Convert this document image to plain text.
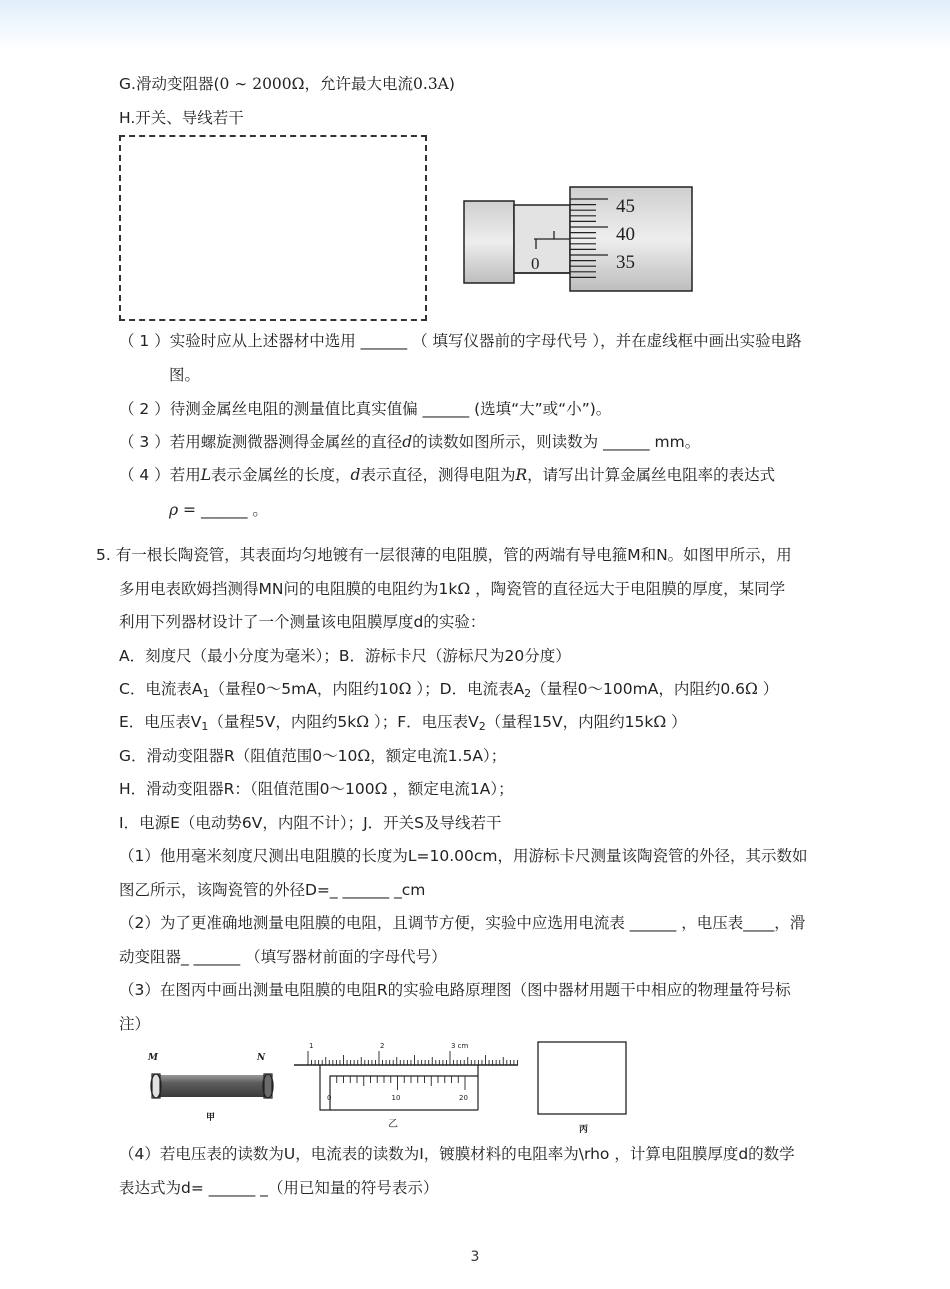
G.滑动变阻器(0 ∼ 2000Ω，允许最大电流0.3A)
H.开关、导线若干
0
45
40
35
（ 1 ）实验时应从上述器材中选用 ______ （ 填写仪器前的字母代号 ），并在虚线框中画出实验电路
图。
（ 2 ）待测金属丝电阻的测量值比真实值偏 ______ (选填“大”或“小”)。
（ 3 ）若用螺旋测微器测得金属丝的直径d的读数如图所示，则读数为 ______ mm。
（ 4 ）若用L表示金属丝的长度，d表示直径，测得电阻为R，请写出计算金属丝电阻率的表达式
ρ = ______ 。
5. 有一根长陶瓷管，其表面均匀地镀有一层很薄的电阻膜，管的两端有导电箍M和N。如图甲所示，用
多用电表欧姆挡测得MN问的电阻膜的电阻约为1kΩ ，陶瓷管的直径远大于电阻膜的厚度，某同学
利用下列器材设计了一个测量该电阻膜厚度d的实验：
A．刻度尺（最小分度为毫米）；B．游标卡尺（游标尺为20分度）
C．电流表$A_1$（量程0～5mA，内阻约10Ω ）；D．电流表$A_2$（量程0～100mA，内阻约0.6Ω ）
E．电压表$V_1$（量程5V，内阻约5kΩ ）；F．电压表$V_2$（量程15V，内阻约15kΩ ）
G．滑动变阻器R（阻值范围0～10Ω，额定电流1.5A）；
H．滑动变阻器R：（阻值范围0～100Ω ，额定电流1A）；
I．电源E（电动势6V，内阻不计）；J．开关S及导线若干
（1）他用毫米刻度尺测出电阻膜的长度为L=10.00cm，用游标卡尺测量该陶瓷管的外径，其示数如
图乙所示，该陶瓷管的外径D=_ ______ _cm
（2）为了更准确地测量电阻膜的电阻，且调节方便，实验中应选用电流表 ______ ，电压表____，滑
动变阻器_ ______ （填写器材前面的字母代号）
（3）在图丙中画出测量电阻膜的电阻R的实验电路原理图（图中器材用题干中相应的物理量符号标
注）
M	N
甲
1	2	3 cm
0	10	20
乙	丙
（4）若电压表的读数为U，电流表的读数为I，镀膜材料的电阻率为\rho ，计算电阻膜厚度d的数学
表达式为d= ______ _（用已知量的符号表示）
3
